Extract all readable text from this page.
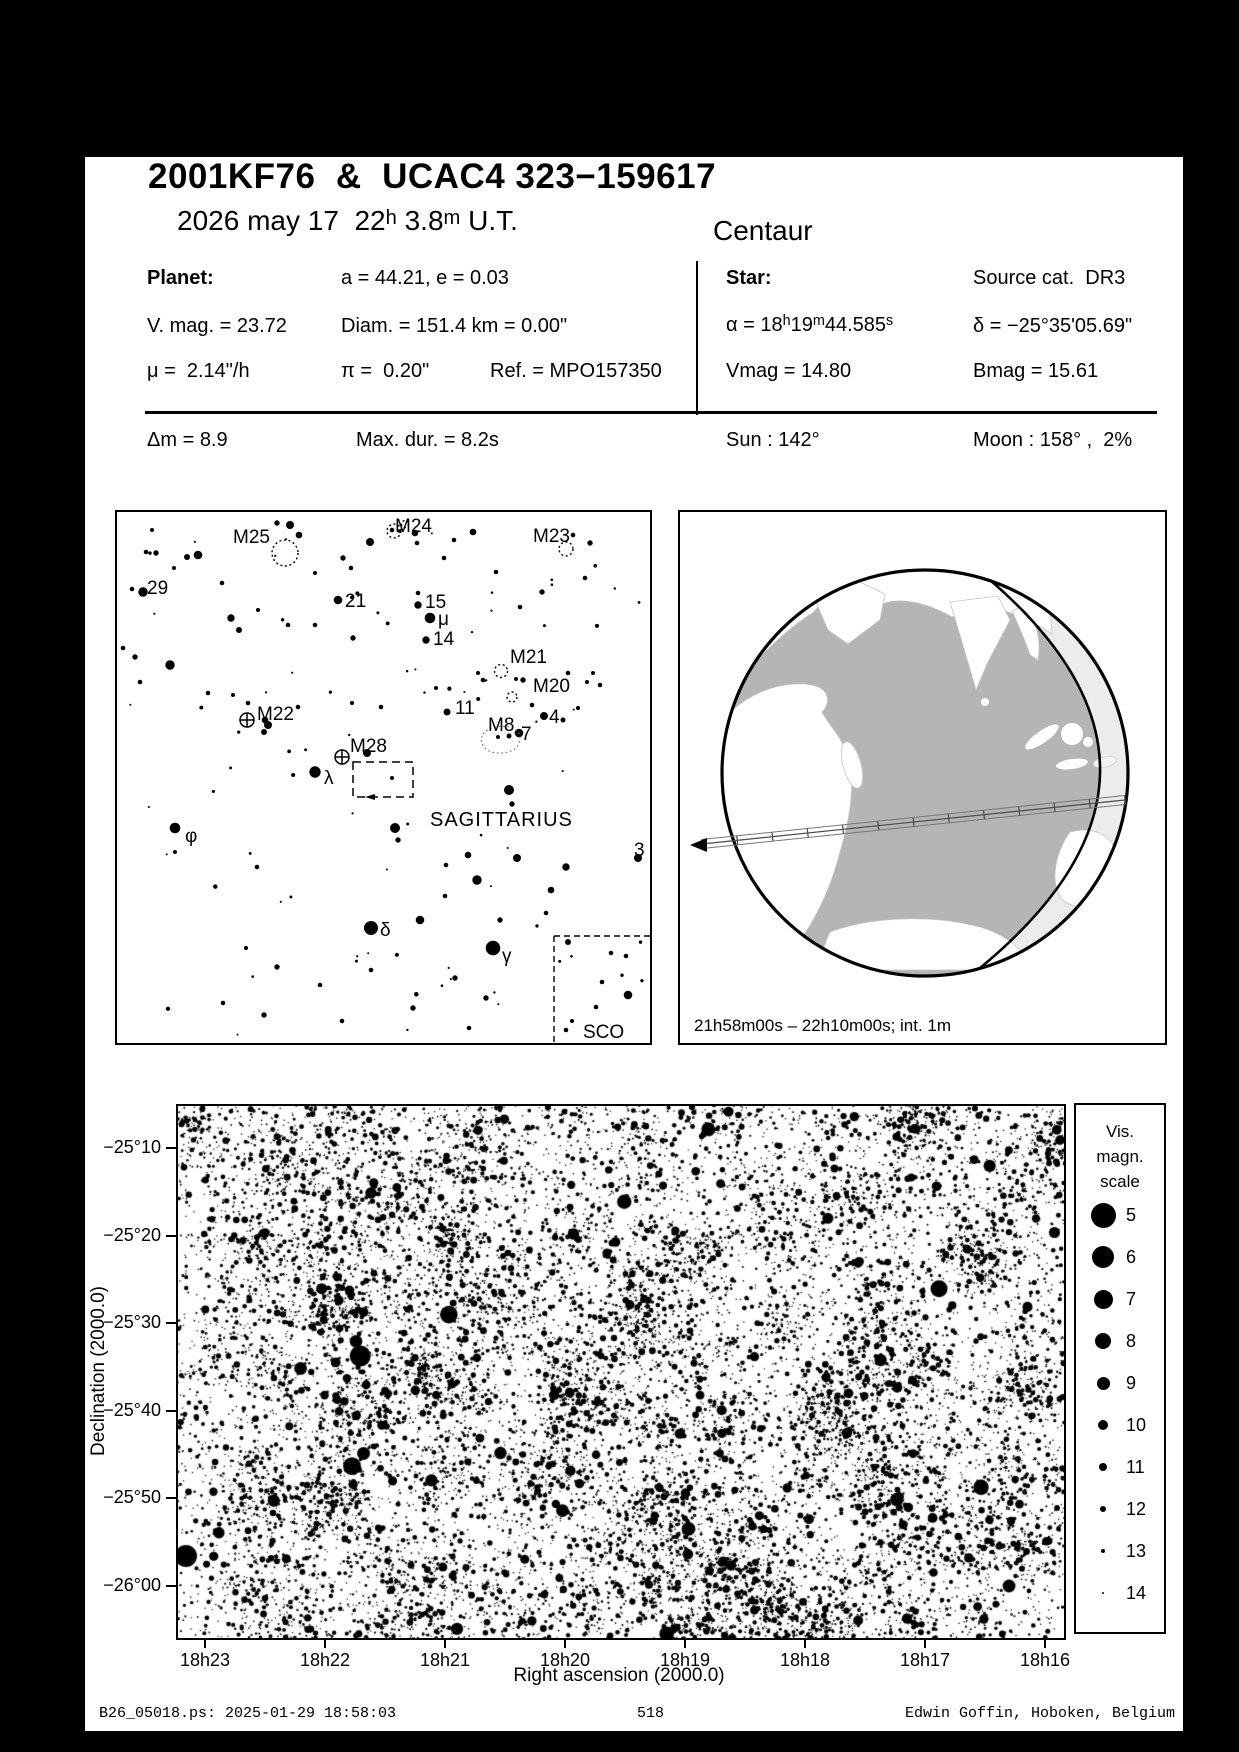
2001KF76  &  UCAC4 323−159617
2026 may 17  22$^h$ 3.8$^m$ U.T.	Centaur
Planet:	a = 44.21, e = 0.03
V. mag. = 23.72	Diam. = 151.4 km = 0.00"
μ =  2.14"/h	π =  0.20"	Ref. = MPO157350
Star:	Source cat.  DR3
$\alpha = 18^h19^m44.585^s$	δ = −25°35'05.69"
Vmag = 14.80	Bmag = 15.61
Δm = 8.9	Max. dur. = 8.2s	Sun : 142°	Moon : 158° ,  2%
M25
M24	M23
29
21	15
μ
14
M21
M20
11
M22
M8 7
4
M28
λ
φ
3
δ
γ
SAGITTARIUS
SCO	21h58m00s – 22h10m00s; int. 1m
18h23	18h22	18h21	18h20	18h19	18h18	18h17	18h16
−25°10
−25°20
−25°30
−25°40
−25°50
−26°00
Right ascension (2000.0)
Declination (2000.0)
Vis.
magn.
scale
5
6
7
8
9
10
11
12
13
14
B26_05018.ps: 2025-01-29 18:58:03	518	Edwin Goffin, Hoboken, Belgium
